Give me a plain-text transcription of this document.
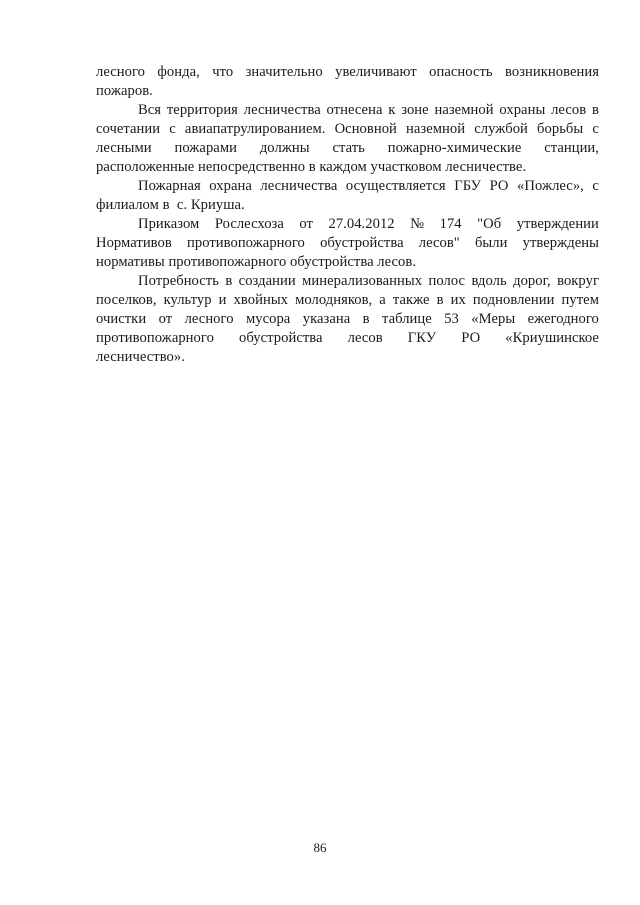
лесного фонда, что значительно увеличивают опасность возникновения
пожаров.
Вся территория лесничества отнесена к зоне наземной охраны лесов в
сочетании с авиапатрулированием. Основной наземной службой борьбы с
лесными пожарами должны стать пожарно-химические станции,
расположенные непосредственно в каждом участковом лесничестве.
Пожарная охрана лесничества осуществляется ГБУ РО «Пожлес», с
филиалом в  с. Криуша.
Приказом Рослесхоза от 27.04.2012 № 174 "Об утверждении
Нормативов противопожарного обустройства лесов" были утверждены
нормативы противопожарного обустройства лесов.
Потребность в создании минерализованных полос вдоль дорог, вокруг
поселков, культур и хвойных молодняков, а также в их подновлении путем
очистки от лесного мусора указана в таблице 53 «Меры ежегодного
противопожарного обустройства лесов ГКУ РО «Криушинское
лесничество».
86
